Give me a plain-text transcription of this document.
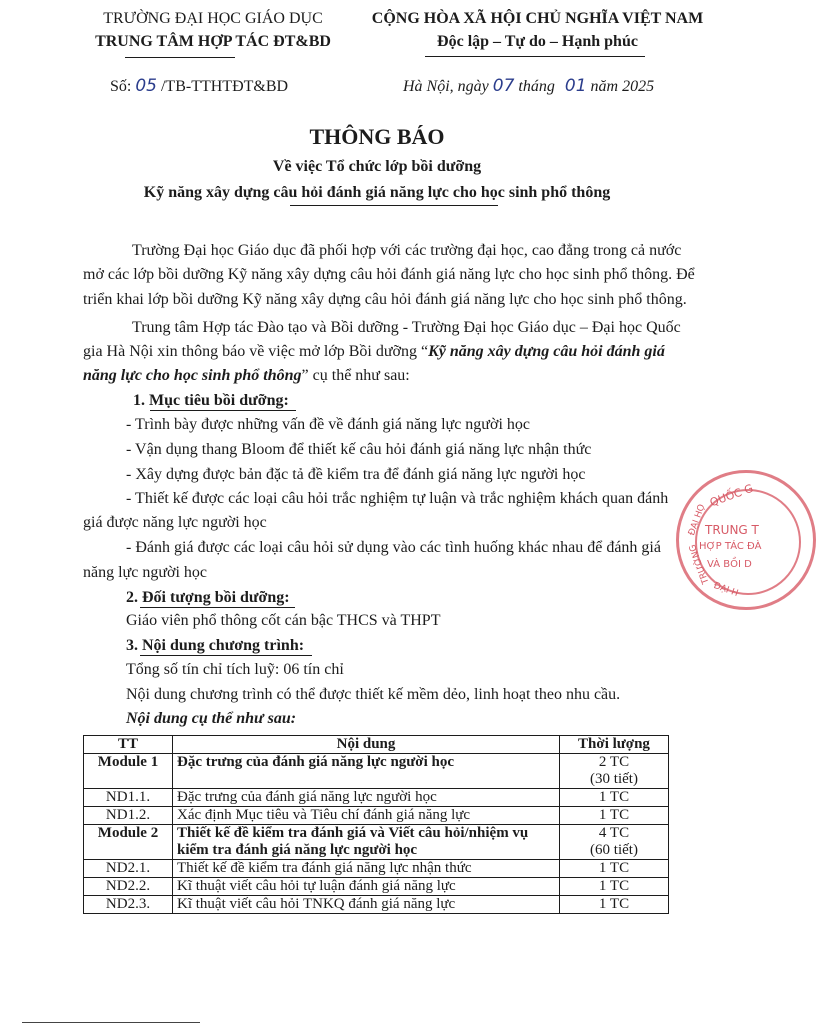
TRƯỜNG ĐẠI HỌC GIÁO DỤC
TRUNG TÂM HỢP TÁC ĐT&BD
CỘNG HÒA XÃ HỘI CHỦ NGHĨA VIỆT NAM
Độc lập – Tự do – Hạnh phúc
Số: 05 /TB-TTHTĐT&BD	Hà Nội, ngày 07 tháng 01 năm 2025
THÔNG BÁO
Về việc Tổ chức lớp bồi dưỡng
Kỹ năng xây dựng câu hỏi đánh giá năng lực cho học sinh phổ thông
Trường Đại học Giáo dục đã phối hợp với các trường đại học, cao đẳng trong cả nước
mở các lớp bồi dưỡng Kỹ năng xây dựng câu hỏi đánh giá năng lực cho học sinh phổ thông. Để
triển khai lớp bồi dưỡng Kỹ năng xây dựng câu hỏi đánh giá năng lực cho học sinh phổ thông.
Trung tâm Hợp tác Đào tạo và Bồi dưỡng - Trường Đại học Giáo dục – Đại học Quốc
gia Hà Nội xin thông báo về việc mở lớp Bồi dưỡng “Kỹ năng xây dựng câu hỏi đánh giá
năng lực cho học sinh phổ thông” cụ thể như sau:
1. Mục tiêu bồi dưỡng:
- Trình bày được những vấn đề về đánh giá năng lực người học
- Vận dụng thang Bloom để thiết kế câu hỏi đánh giá năng lực nhận thức
- Xây dựng được bản đặc tả đề kiểm tra để đánh giá năng lực người học
- Thiết kế được các loại câu hỏi trắc nghiệm tự luận và trắc nghiệm khách quan đánh
giá được năng lực người học
- Đánh giá được các loại câu hỏi sử dụng vào các tình huống khác nhau để đánh giá
năng lực người học
2. Đối tượng bồi dưỡng:
Giáo viên phổ thông cốt cán bậc THCS và THPT
3. Nội dung chương trình:
Tổng số tín chỉ tích luỹ: 06 tín chỉ
Nội dung chương trình có thể được thiết kế mềm dẻo, linh hoạt theo nhu cầu.
Nội dung cụ thể như sau:
TT	Nội dung	Thời lượng
Module 1	Đặc trưng của đánh giá năng lực người học	2 TC
(30 tiết)

ND1.1.	Đặc trưng của đánh giá năng lực người học	1 TC
ND1.2.	Xác định Mục tiêu và Tiêu chí đánh giá năng lực	1 TC
Module 2	Thiết kế đề kiểm tra đánh giá và Viết câu hỏi/nhiệm vụ kiểm tra đánh giá năng lực người học	4 TC
(60 tiết)

ND2.1.	Thiết kế đề kiểm tra đánh giá năng lực nhận thức	1 TC
ND2.2.	Kĩ thuật viết câu hỏi tự luận đánh giá năng lực	1 TC
ND2.3.	Kĩ thuật viết câu hỏi TNKQ đánh giá năng lực	1 TC
QUỐC G
TRUNG T
HỢP TÁC ĐÀ
VÀ BỒI D
ĐẠI HỌ
TRƯỜNG
ĐẠI H
